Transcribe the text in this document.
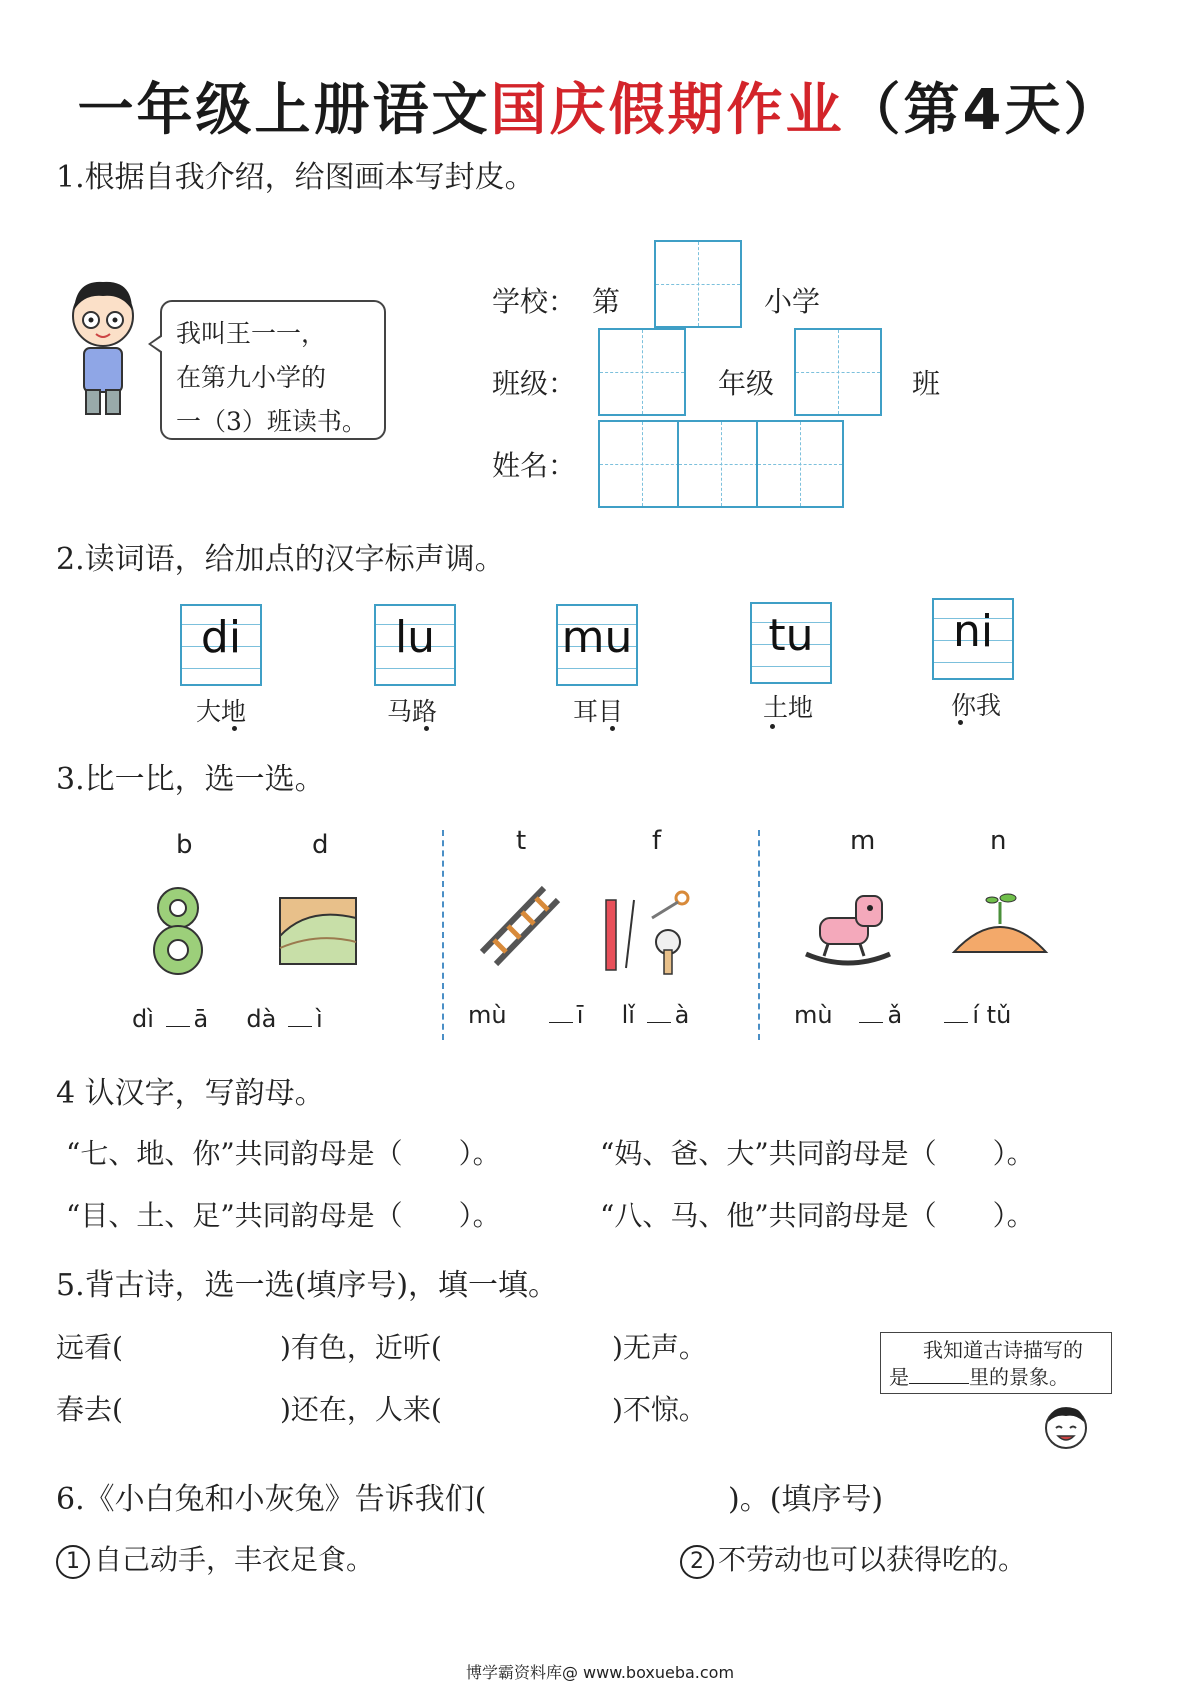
一年级上册语文国庆假期作业（第4天）
1.根据自我介绍，给图画本写封皮。
我叫王一一，
在第九小学的
一（3）班读书。
学校： 第	小学
班级：	年级	班
姓名：
2.读词语，给加点的汉字标声调。
di
大地
lu
马路
mu
耳目
tu
土地
ni
你我
3.比一比，选一选。
b	d
dì ā dà ì
t	f
mù	ī lǐ à
m	n
mù ǎ	í tǔ
4 认汉字，写韵母。
“七、地、你”共同韵母是（　　）。	“妈、爸、大”共同韵母是（　　）。
“目、土、足”共同韵母是（　　）。	“八、马、他”共同韵母是（　　）。
5.背古诗，选一选(填序号)，填一填。
远看(	)有色，近听(	)无声。
春去(	)还在，人来(	)不惊。
我知道古诗描写的
是	里的景象。
6.《小白兔和小灰兔》告诉我们(	)。(填序号)
1 自己动手，丰衣足食。	2 不劳动也可以获得吃的。
博学霸资料库@ www.boxueba.com
